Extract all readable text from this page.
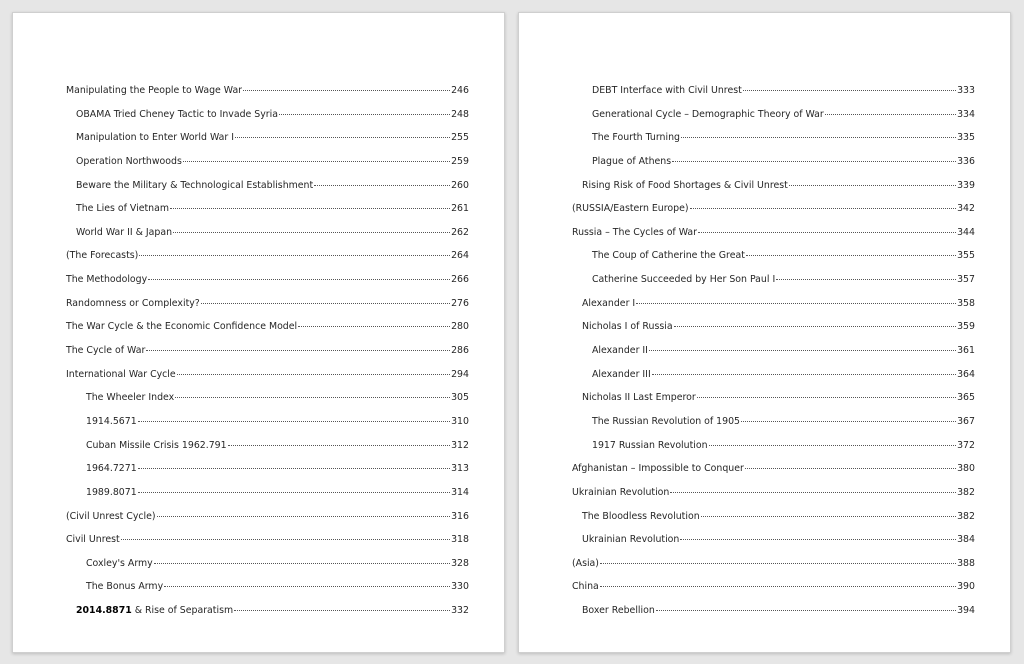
Manipulating the People to Wage War	246
OBAMA Tried Cheney Tactic to Invade Syria	248
Manipulation to Enter World War I	255
Operation Northwoods	259
Beware the Military & Technological Establishment	260
The Lies of Vietnam	261
World War II & Japan	262
(The Forecasts)	264
The Methodology	266
Randomness or Complexity?	276
The War Cycle & the Economic Confidence Model	280
The Cycle of War	286
International War Cycle	294
The Wheeler Index	305
1914.5671	310
Cuban Missile Crisis 1962.791	312
1964.7271	313
1989.8071	314
(Civil Unrest Cycle)	316
Civil Unrest	318
Coxley's Army	328
The Bonus Army	330
2014.8871 & Rise of Separatism	332
DEBT Interface with Civil Unrest	333
Generational Cycle – Demographic Theory of War	334
The Fourth Turning	335
Plague of Athens	336
Rising Risk of Food Shortages & Civil Unrest	339
(RUSSIA/Eastern Europe)	342
Russia – The Cycles of War	344
The Coup of Catherine the Great	355
Catherine Succeeded by Her Son Paul I	357
Alexander I	358
Nicholas I of Russia	359
Alexander II	361
Alexander III	364
Nicholas II Last Emperor	365
The Russian Revolution of 1905	367
1917 Russian Revolution	372
Afghanistan – Impossible to Conquer	380
Ukrainian Revolution	382
The Bloodless Revolution	382
Ukrainian Revolution	384
(Asia)	388
China	390
Boxer Rebellion	394
